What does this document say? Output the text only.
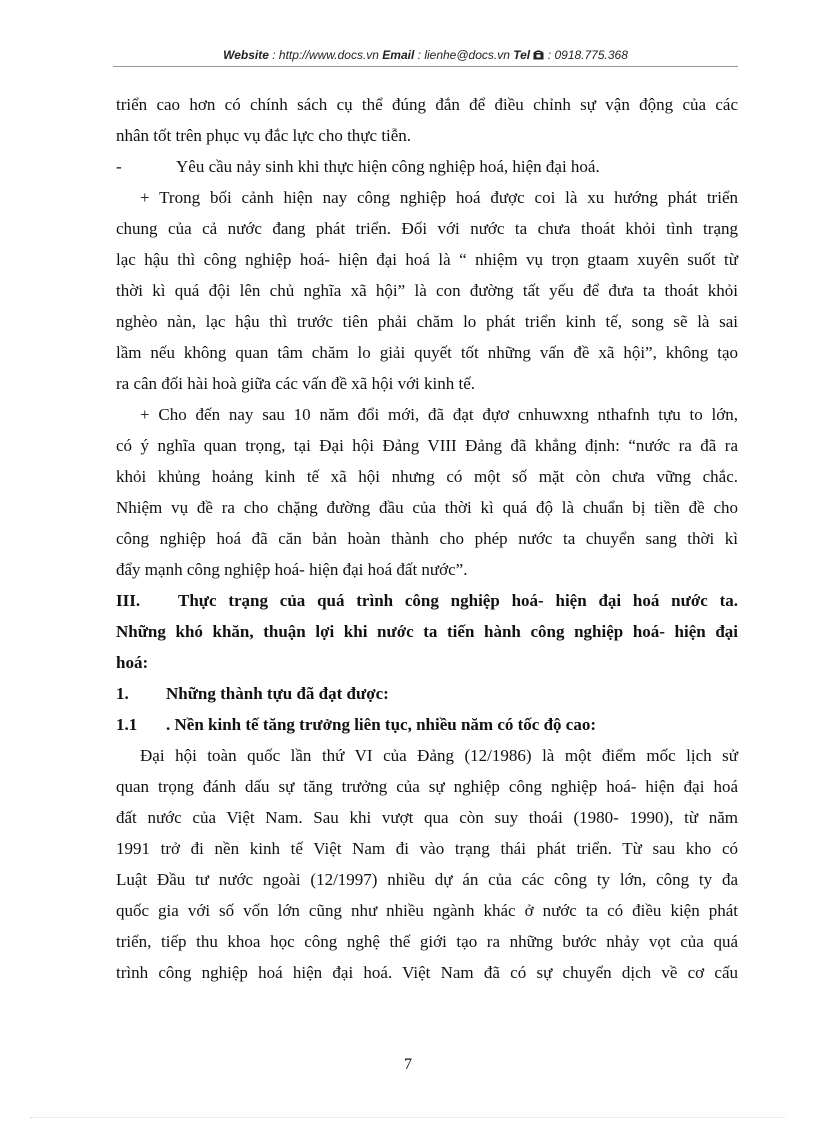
Website : http://www.docs.vn Email : lienhe@docs.vn Tel  : 0918.775.368
triển cao hơn có chính sách cụ thể đúng đắn để điều chỉnh sự vận động của các
nhân tốt trên phục vụ đắc lực cho thực tiễn.
-	Yêu cầu nảy sinh khi thực hiện công nghiệp hoá, hiện đại hoá.
+ Trong bối cảnh hiện nay công nghiệp hoá được coi là xu hướng phát triển
chung của cả nước đang phát triển. Đối với nước ta chưa thoát khỏi tình trạng
lạc hậu thì công nghiệp hoá- hiện đại hoá là “ nhiệm vụ trọn gtaam xuyên suốt từ
thời kì quá đội lên chủ nghĩa xã hội” là con đường tất yếu để đưa ta thoát khỏi
nghèo nàn, lạc hậu thì trước tiên phải chăm lo phát triển kinh tế, song sẽ là sai
lầm nếu không quan tâm chăm lo giải quyết tốt những vấn đề xã hội”, không tạo
ra cân đối hài hoà giữa các vấn đề xã hội với kinh tế.
+ Cho đến nay sau 10 năm đổi mới, đã đạt đựơ cnhuwxng nthafnh tựu to lớn,
có ý nghĩa quan trọng, tại Đại hội Đảng VIII Đảng đã khẳng định: “nước ra đã ra
khỏi khủng hoảng kinh tế xã hội nhưng có một số mặt còn chưa vững chắc.
Nhiệm vụ đề ra cho chặng đường đầu của thời kì quá độ là chuẩn bị tiền đề cho
công nghiệp hoá đã căn bản hoàn thành cho phép nước ta chuyển sang thời kì
đẩy mạnh công nghiệp hoá- hiện đại hoá đất nước”.
III. Thực trạng của quá trình công nghiệp hoá- hiện đại hoá nước ta.
Những khó khăn, thuận lợi khi nước ta tiến hành công nghiệp hoá- hiện đại
hoá:
1. Những thành tựu đã đạt được:
1.1 . Nền kinh tế tăng trưởng liên tục, nhiều năm có tốc độ cao:
Đại hội toàn quốc lần thứ VI của Đảng (12/1986) là một điểm mốc lịch sử
quan trọng đánh dấu sự tăng trưởng của sự nghiệp công nghiệp hoá- hiện đại hoá
đất nước của Việt Nam. Sau khi vượt qua còn suy thoái (1980- 1990), từ năm
1991 trở đi nền kinh tế Việt Nam đi vào trạng thái phát triển. Từ sau kho có
Luật Đầu tư nước ngoài (12/1997) nhiều dự án của các công ty lớn, công ty đa
quốc gia với số vốn lớn cũng như nhiều ngành khác ở nước ta có điều kiện phát
triển, tiếp thu khoa học công nghệ thế giới tạo ra những bước nhảy vọt của quá
trình công nghiệp hoá hiện đại hoá. Việt Nam đã có sự chuyển dịch về cơ cấu
7
